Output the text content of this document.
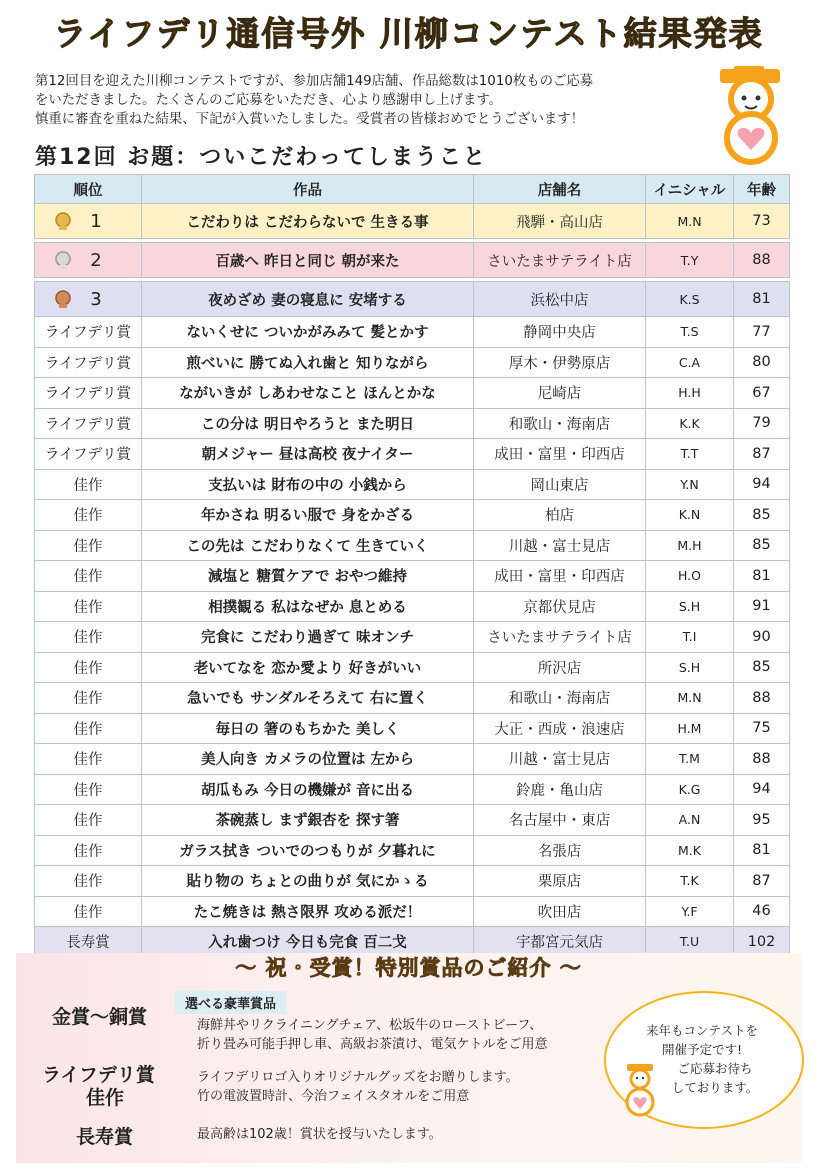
ライフデリ通信号外 川柳コンテスト結果発表
第12回目を迎えた川柳コンテストですが、参加店舗149店舗、作品総数は1010枚ものご応募
をいただきました。たくさんのご応募をいただき、心より感謝申し上げます。
慎重に審査を重ねた結果、下記が入賞いたしました。受賞者の皆様おめでとうございます！
第12回 お題：ついこだわってしまうこと
順位	作品	店舗名	イニシャル	年齢

1	こだわりは こだわらないで 生きる事	飛騨・高山店	M.N	73

2	百歳へ 昨日と同じ 朝が来た	さいたまサテライト店	T.Y	88

3	夜めざめ 妻の寝息に 安堵する	浜松中店	K.S	81
ライフデリ賞	ないくせに ついかがみみて 髪とかす	静岡中央店	T.S	77
ライフデリ賞	煎べいに 勝てぬ入れ歯と 知りながら	厚木・伊勢原店	C.A	80
ライフデリ賞	ながいきが しあわせなこと ほんとかな	尼崎店	H.H	67
ライフデリ賞	この分は 明日やろうと また明日	和歌山・海南店	K.K	79
ライフデリ賞	朝メジャー 昼は高校 夜ナイター	成田・富里・印西店	T.T	87
佳作	支払いは 財布の中の 小銭から	岡山東店	Y.N	94
佳作	年かさね 明るい服で 身をかざる	柏店	K.N	85
佳作	この先は こだわりなくて 生きていく	川越・富士見店	M.H	85
佳作	減塩と 糖質ケアで おやつ維持	成田・富里・印西店	H.O	81
佳作	相撲観る 私はなぜか 息とめる	京都伏見店	S.H	91
佳作	完食に こだわり過ぎて 味オンチ	さいたまサテライト店	T.I	90
佳作	老いてなを 恋か愛より 好きがいい	所沢店	S.H	85
佳作	急いでも サンダルそろえて 右に置く	和歌山・海南店	M.N	88
佳作	毎日の 箸のもちかた 美しく	大正・西成・浪速店	H.M	75
佳作	美人向き カメラの位置は 左から	川越・富士見店	T.M	88
佳作	胡瓜もみ 今日の機嫌が 音に出る	鈴鹿・亀山店	K.G	94
佳作	茶碗蒸し まず銀杏を 探す箸	名古屋中・東店	A.N	95
佳作	ガラス拭き ついでのつもりが 夕暮れに	名張店	M.K	81
佳作	貼り物の ちょとの曲りが 気にかゝる	栗原店	T.K	87
佳作	たこ焼きは 熱さ限界 攻める派だ！	吹田店	Y.F	46
長寿賞	入れ歯つけ 今日も完食 百二戈	宇都宮元気店	T.U	102
～ 祝・受賞！特別賞品のご紹介 ～
選べる豪華賞品
金賞～銅賞	海鮮丼やリクライニングチェア、松坂牛のローストビーフ、
折り畳み可能手押し車、高級お茶漬け、電気ケトルをご用意
ライフデリ賞
佳作
ライフデリロゴ入りオリジナルグッズをお贈りします。
竹の電波置時計、今治フェイスタオルをご用意
長寿賞	最高齢は102歳！賞状を授与いたします。
来年もコンテストを
開催予定です!
ご応募お待ち
しております。
